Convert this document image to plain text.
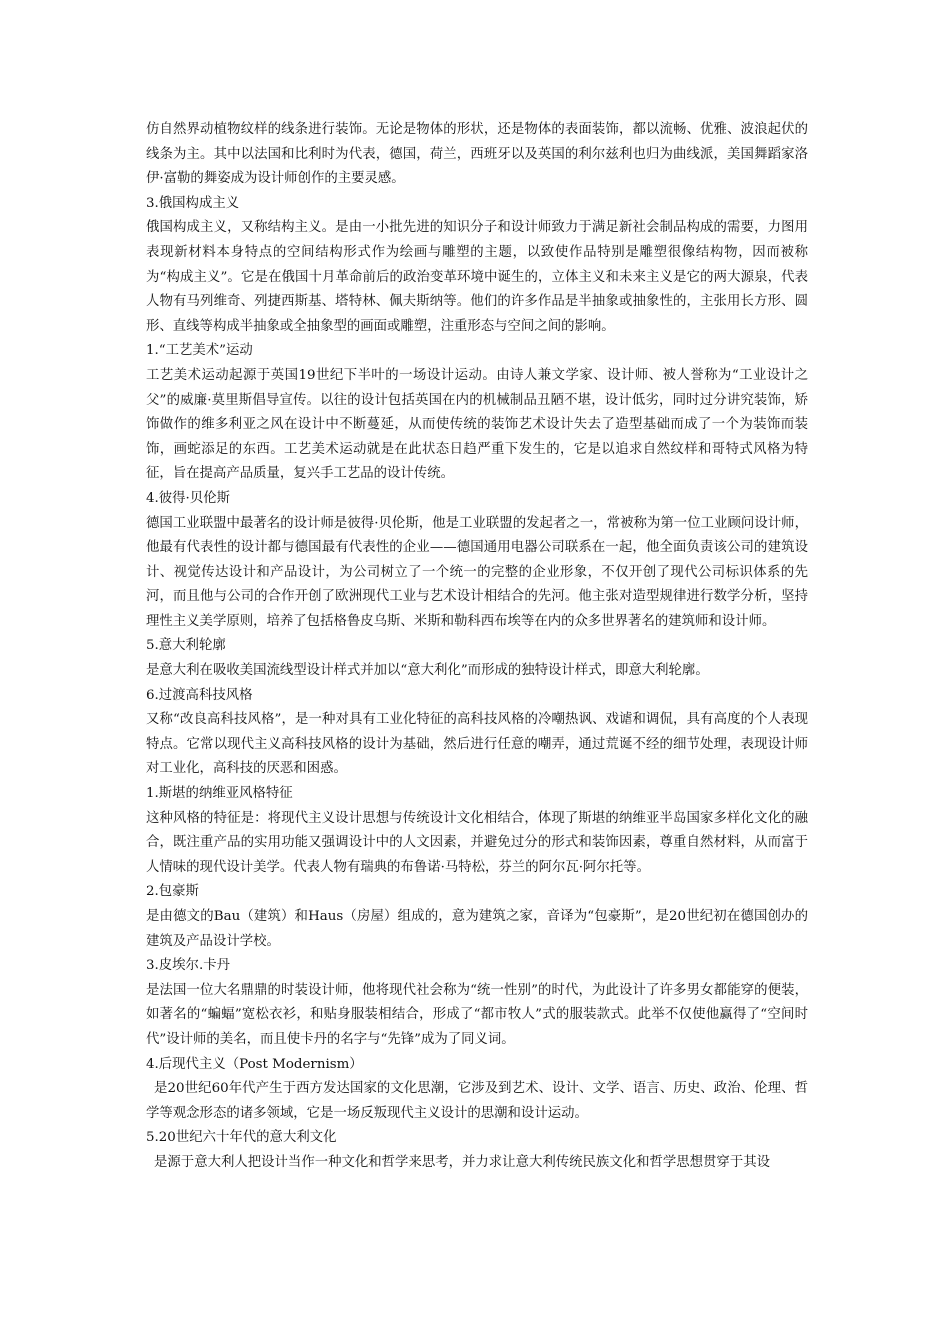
仿自然界动植物纹样的线条进行装饰。无论是物体的形状，还是物体的表面装饰，都以流畅、优雅、波浪起伏的线条为主。其中以法国和比利时为代表，德国，荷兰，西班牙以及英国的利尔兹利也归为曲线派，美国舞蹈家洛伊·富勒的舞姿成为设计师创作的主要灵感。

3.俄国构成主义

俄国构成主义，又称结构主义。是由一小批先进的知识分子和设计师致力于满足新社会制品构成的需要，力图用表现新材料本身特点的空间结构形式作为绘画与雕塑的主题，以致使作品特别是雕塑很像结构物，因而被称为“构成主义”。它是在俄国十月革命前后的政治变革环境中诞生的，立体主义和未来主义是它的两大源泉，代表人物有马列维奇、列捷西斯基、塔特林、佩夫斯纳等。他们的许多作品是半抽象或抽象性的，主张用长方形、圆形、直线等构成半抽象或全抽象型的画面或雕塑，注重形态与空间之间的影响。

1.“工艺美术”运动

工艺美术运动起源于英国19世纪下半叶的一场设计运动。由诗人兼文学家、设计师、被人誉称为“工业设计之父”的威廉·莫里斯倡导宣传。以往的设计包括英国在内的机械制品丑陋不堪，设计低劣，同时过分讲究装饰，矫饰做作的维多利亚之风在设计中不断蔓延，从而使传统的装饰艺术设计失去了造型基础而成了一个为装饰而装饰，画蛇添足的东西。工艺美术运动就是在此状态日趋严重下发生的，它是以追求自然纹样和哥特式风格为特征，旨在提高产品质量，复兴手工艺品的设计传统。

4.彼得·贝伦斯

德国工业联盟中最著名的设计师是彼得·贝伦斯，他是工业联盟的发起者之一，常被称为第一位工业顾问设计师，他最有代表性的设计都与德国最有代表性的企业——德国通用电器公司联系在一起，他全面负责该公司的建筑设计、视觉传达设计和产品设计，为公司树立了一个统一的完整的企业形象，不仅开创了现代公司标识体系的先河，而且他与公司的合作开创了欧洲现代工业与艺术设计相结合的先河。他主张对造型规律进行数学分析，坚持理性主义美学原则，培养了包括格鲁皮乌斯、米斯和勒科西布埃等在内的众多世界著名的建筑师和设计师。

5.意大利轮廓

是意大利在吸收美国流线型设计样式并加以“意大利化”而形成的独特设计样式，即意大利轮廓。

6.过渡高科技风格

又称“改良高科技风格”，是一种对具有工业化特征的高科技风格的冷嘲热讽、戏谑和调侃，具有高度的个人表现特点。它常以现代主义高科技风格的设计为基础，然后进行任意的嘲弄，通过荒诞不经的细节处理，表现设计师对工业化，高科技的厌恶和困惑。

1.斯堪的纳维亚风格特征

这种风格的特征是：将现代主义设计思想与传统设计文化相结合，体现了斯堪的纳维亚半岛国家多样化文化的融合，既注重产品的实用功能又强调设计中的人文因素，并避免过分的形式和装饰因素，尊重自然材料，从而富于人情味的现代设计美学。代表人物有瑞典的布鲁诺·马特松，芬兰的阿尔瓦·阿尔托等。

2.包豪斯

是由德文的Bau（建筑）和Haus（房屋）组成的，意为建筑之家，音译为“包豪斯”，是20世纪初在德国创办的建筑及产品设计学校。

3.皮埃尔.卡丹

是法国一位大名鼎鼎的时装设计师，他将现代社会称为“统一性别”的时代，为此设计了许多男女都能穿的便装，如著名的“蝙蝠”宽松衣衫，和贴身服装相结合，形成了“都市牧人”式的服装款式。此举不仅使他赢得了“空间时代”设计师的美名，而且使卡丹的名字与“先锋”成为了同义词。

4.后现代主义（Post Modernism）

是20世纪60年代产生于西方发达国家的文化思潮，它涉及到艺术、设计、文学、语言、历史、政治、伦理、哲学等观念形态的诸多领域，它是一场反叛现代主义设计的思潮和设计运动。

5.20世纪六十年代的意大利文化

是源于意大利人把设计当作一种文化和哲学来思考，并力求让意大利传统民族文化和哲学思想贯穿于其设
